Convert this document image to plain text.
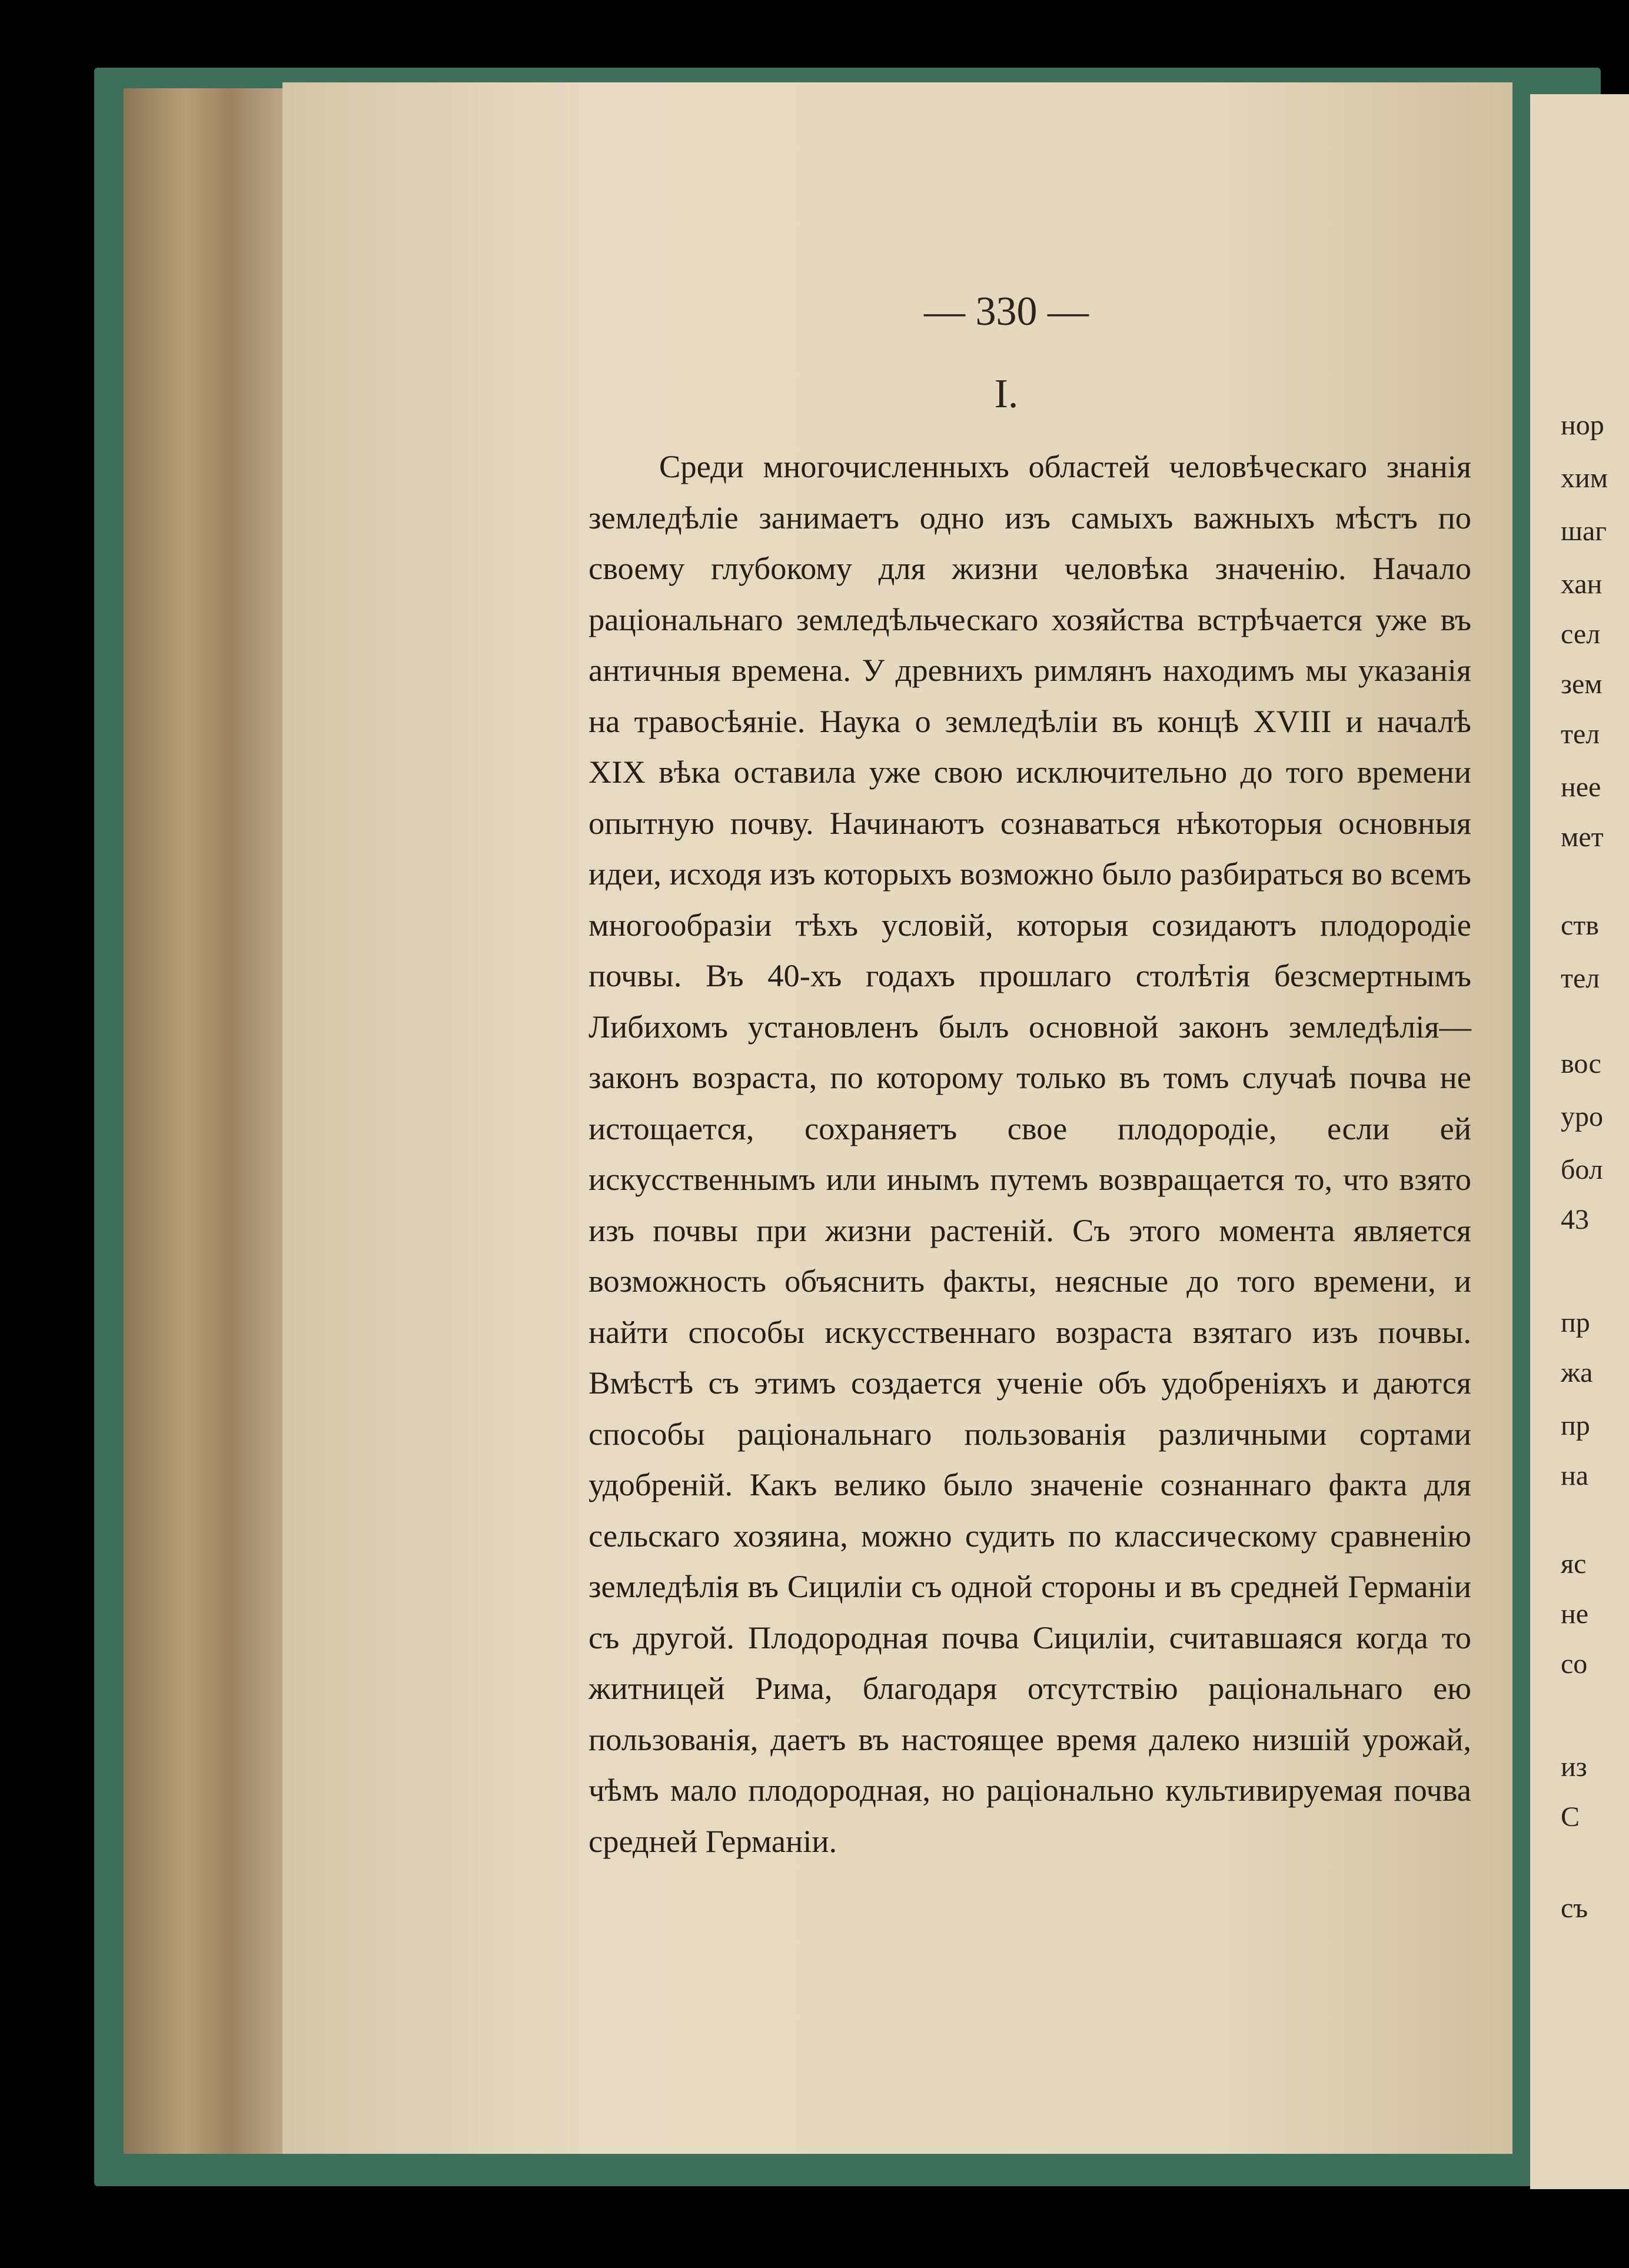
— 330 —
I.
Среди многочисленныхъ областей человѣческаго знанія земледѣліе занимаетъ одно изъ самыхъ важныхъ мѣстъ по своему глубокому для жизни человѣка значенію. Начало раціональнаго земледѣльческаго хозяйства встрѣчается уже въ античныя времена. У древнихъ римлянъ находимъ мы указанія на травосѣяніе. Наука о земледѣліи въ концѣ XVIII и началѣ XIX вѣка оставила уже свою исключительно до того времени опытную почву. Начинаютъ сознаваться нѣкоторыя основныя идеи, исходя изъ которыхъ возможно было разбираться во всемъ многообразіи тѣхъ условій, которыя созидаютъ плодородіе почвы. Въ 40-хъ годахъ прошлаго столѣтія безсмертнымъ Либихомъ установленъ былъ основной законъ земледѣлія—законъ возраста, по которому только въ томъ случаѣ почва не истощается, сохраняетъ свое плодородіе, если ей искусственнымъ или инымъ путемъ возвращается то, что взято изъ почвы при жизни растеній. Съ этого момента является возможность объяснить факты, неясные до того времени, и найти способы искусственнаго возраста взятаго изъ почвы. Вмѣстѣ съ этимъ создается ученіе объ удобреніяхъ и даются способы раціональнаго пользованія различными сортами удобреній. Какъ велико было значеніе сознаннаго факта для сельскаго хозяина, можно судить по классическому сравненію земледѣлія въ Сициліи съ одной стороны и въ средней Германіи съ другой. Плодородная почва Сициліи, считавшаяся когда то житницей Рима, благодаря отсутствію раціональнаго ею пользованія, даетъ въ настоящее время далеко низшій урожай, чѣмъ мало плодородная, но раціонально культивируемая почва средней Германіи.
нор
хим
шаг
хан
сел
зем
тел
нее
мет
ств
тел
вос
уро
бол
43
пр
жа
пр
на
яс
не
со
из
С
съ
